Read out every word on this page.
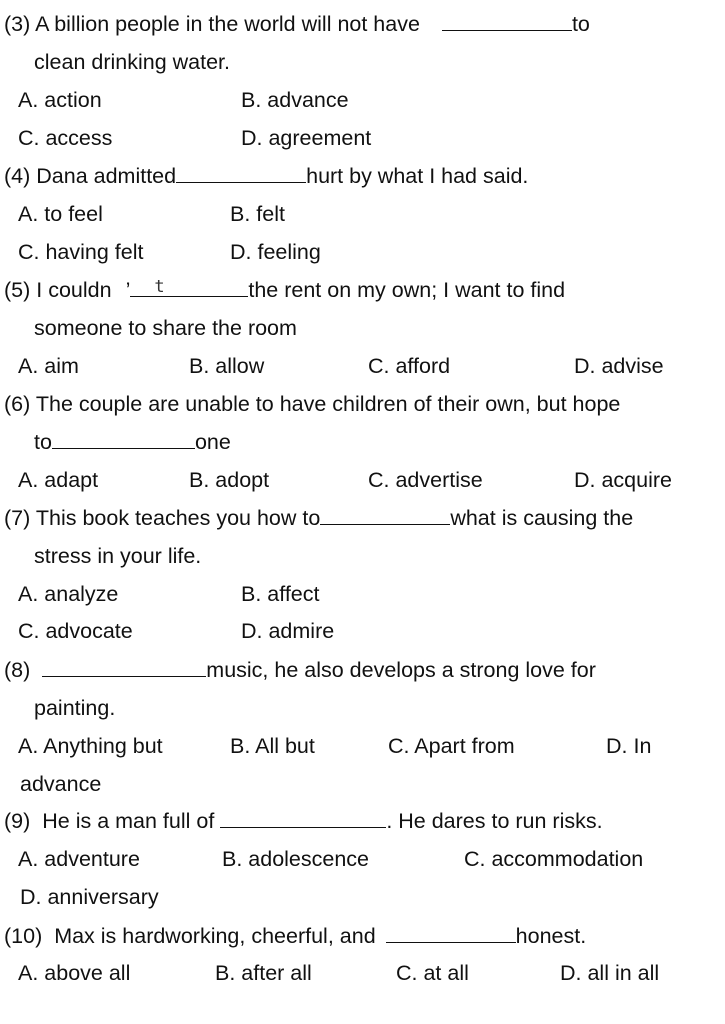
(3) A billion people in the world will not have	to
clean drinking water.
A. action	B. advance
C. access	D. agreement
(4) Dana admitted	hurt by what I had said.
A. to feel	B. felt
C. having felt	D. feeling
(5) I couldn ’ t	the rent on my own; I want to find
someone to share the room
A. aim	B. allow	C. afford	D. advise
(6) The couple are unable to have children of their own, but hope
to	one
A. adapt	B. adopt	C. advertise	D. acquire
(7) This book teaches you how to	what is causing the
stress in your life.
A. analyze	B. affect
C. advocate	D. admire
(8)	music, he also develops a strong love for
painting.
A. Anything but	B. All but	C. Apart from	D. In
advance
(9) He is a man full of	. He dares to run risks.
A. adventure	B. adolescence	C. accommodation
D. anniversary
(10) Max is hardworking, cheerful, and	honest.
A. above all	B. after all	C. at all	D. all in all
